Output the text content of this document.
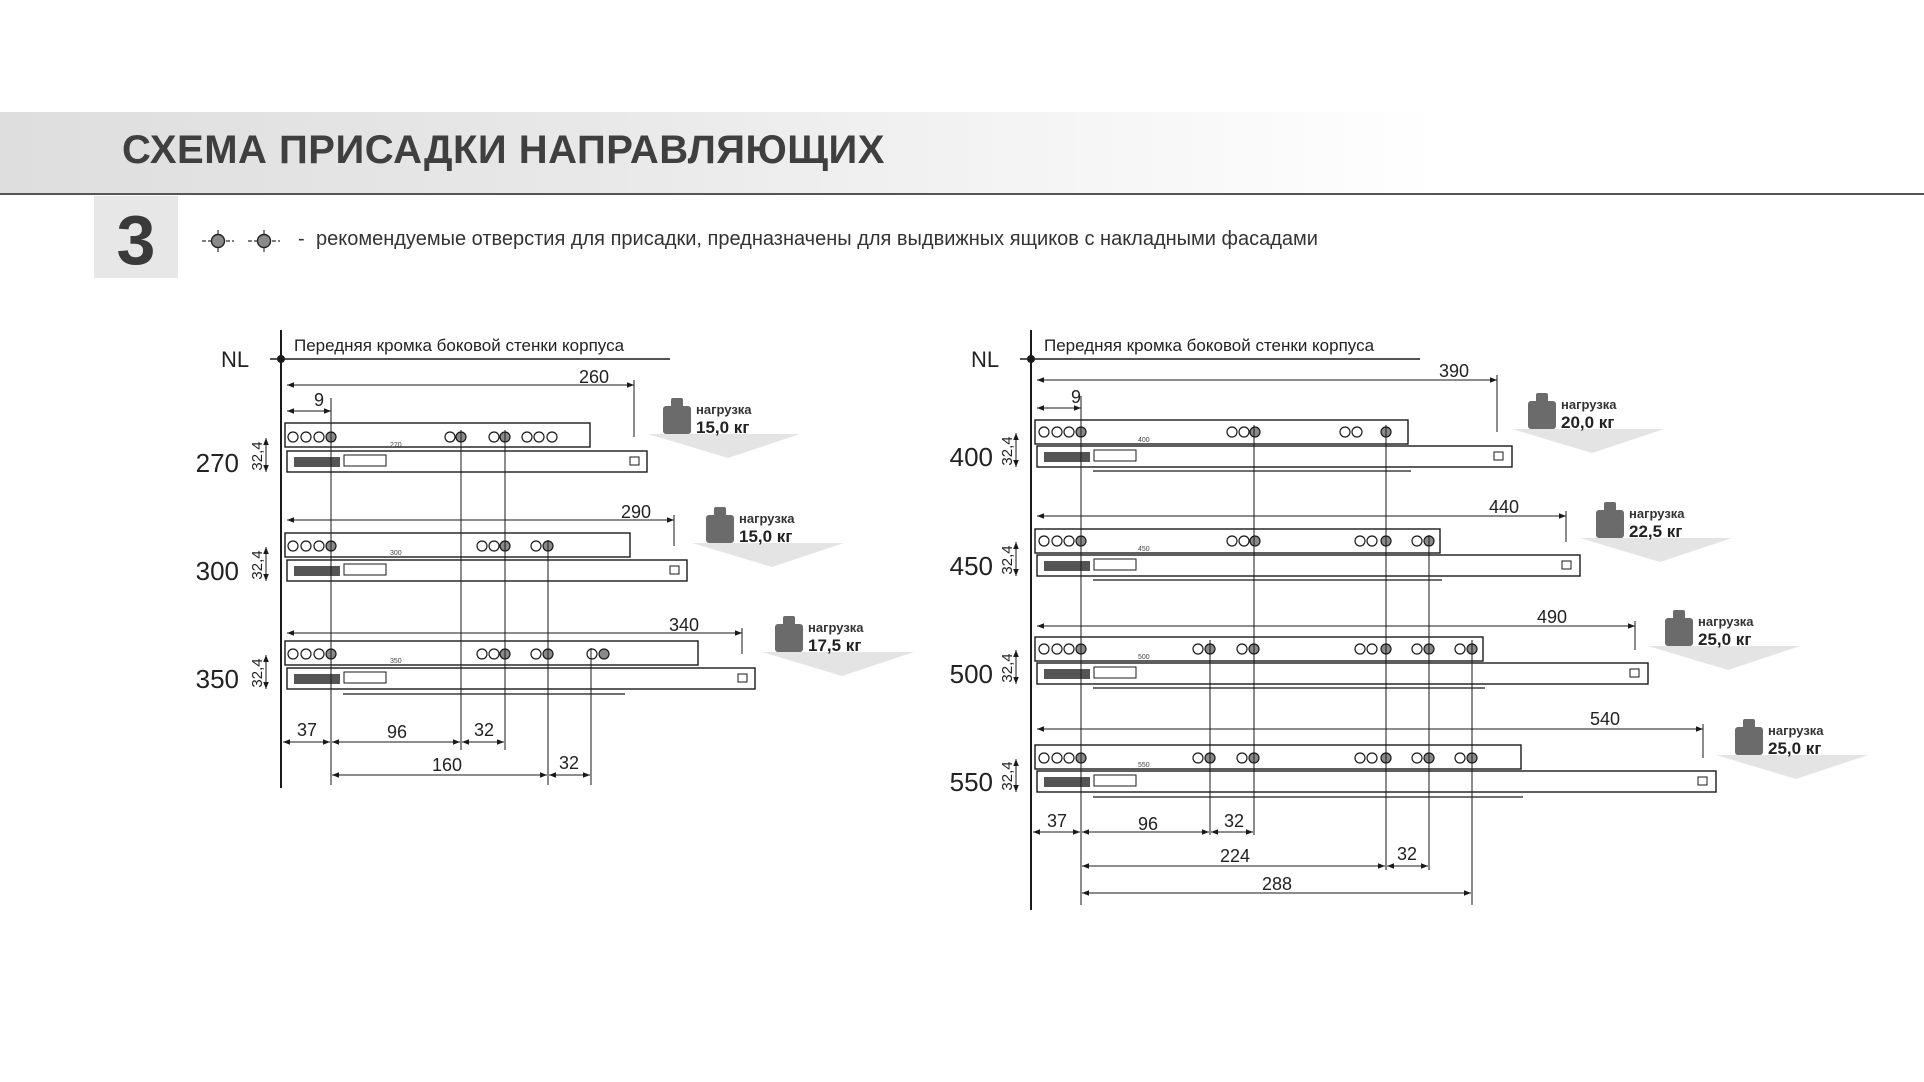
СХЕМА ПРИСАДКИ НАПРАВЛЯЮЩИХ
3	- рекомендуемые отверстия для присадки, предназначены для выдвижных ящиков с накладными фасадами
NL
Передняя кромка боковой стенки корпуса
9
260
270
32,4
270
нагрузка
15,0 кг
290
300
32,4
300
нагрузка
15,0 кг
340
350
32,4
350
нагрузка
17,5 кг
37	96	32
160	32
NL
Передняя кромка боковой стенки корпуса
9
390
400
32,4
400
нагрузка
20,0 кг
440
450
32,4
450
нагрузка
22,5 кг
490
500
32,4
500
нагрузка
25,0 кг
540
550
32,4
550
нагрузка
25,0 кг
37	96	32
224	32
288
